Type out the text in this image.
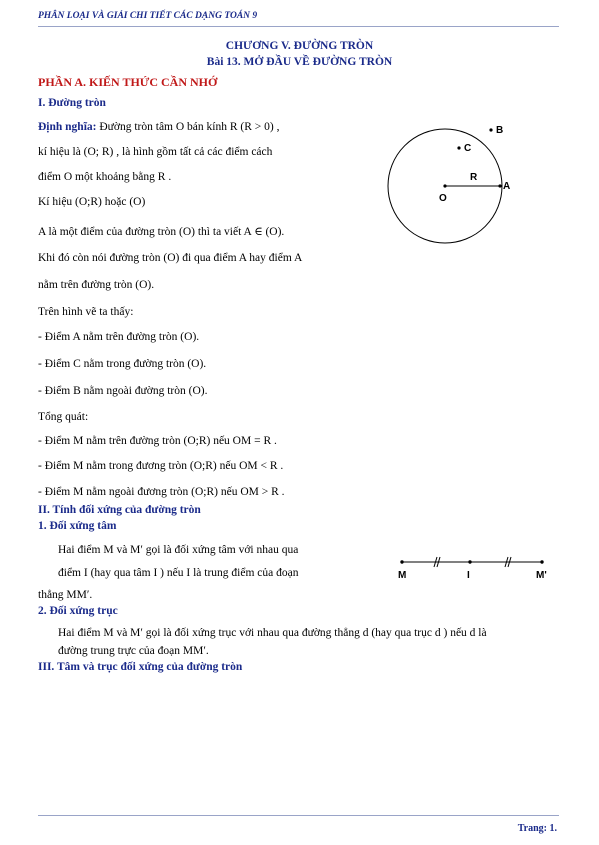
PHÂN LOẠI VÀ GIẢI CHI TIẾT CÁC DẠNG TOÁN 9
CHƯƠNG V. ĐƯỜNG TRÒN
Bài 13. MỞ ĐẦU VỀ ĐƯỜNG TRÒN
PHẦN A. KIẾN THỨC CẦN NHỚ
I. Đường tròn
Định nghĩa: Đường tròn tâm O bán kính R (R > 0) ,
kí hiệu là (O; R) , là hình gồm tất cả các điểm cách
điểm O một khoảng bằng R .
Kí hiệu (O;R) hoặc (O)
A là một điểm của đường tròn (O) thì ta viết A ∈ (O).
Khi đó còn nói đường tròn (O) đi qua điểm A hay điểm A
nằm trên đường tròn (O).
Trên hình vẽ ta thấy:
- Điểm A nằm trên đường tròn (O).
- Điểm C nằm trong đường tròn (O).
- Điểm B nằm ngoài đường tròn (O).
Tổng quát:
- Điểm M nằm trên đường tròn (O;R) nếu OM = R .
- Điểm M nằm trong đương tròn (O;R) nếu OM < R .
- Điểm M nằm ngoài đương tròn (O;R) nếu OM > R .
II. Tính đối xứng của đường tròn
1. Đối xứng tâm
Hai điểm M và M′ gọi là đối xứng tâm với nhau qua
điểm I (hay qua tâm I ) nếu I là trung điểm của đoạn
thẳng MM′.
2. Đối xứng trục
Hai điểm M và M′ gọi là đối xứng trục với nhau qua đường thẳng d (hay qua trục d ) nếu d là
đường trung trực của đoạn MM′.
III. Tâm và trục đối xứng của đường tròn
B
C
R
A
O
M	I	M'
Trang: 1.
